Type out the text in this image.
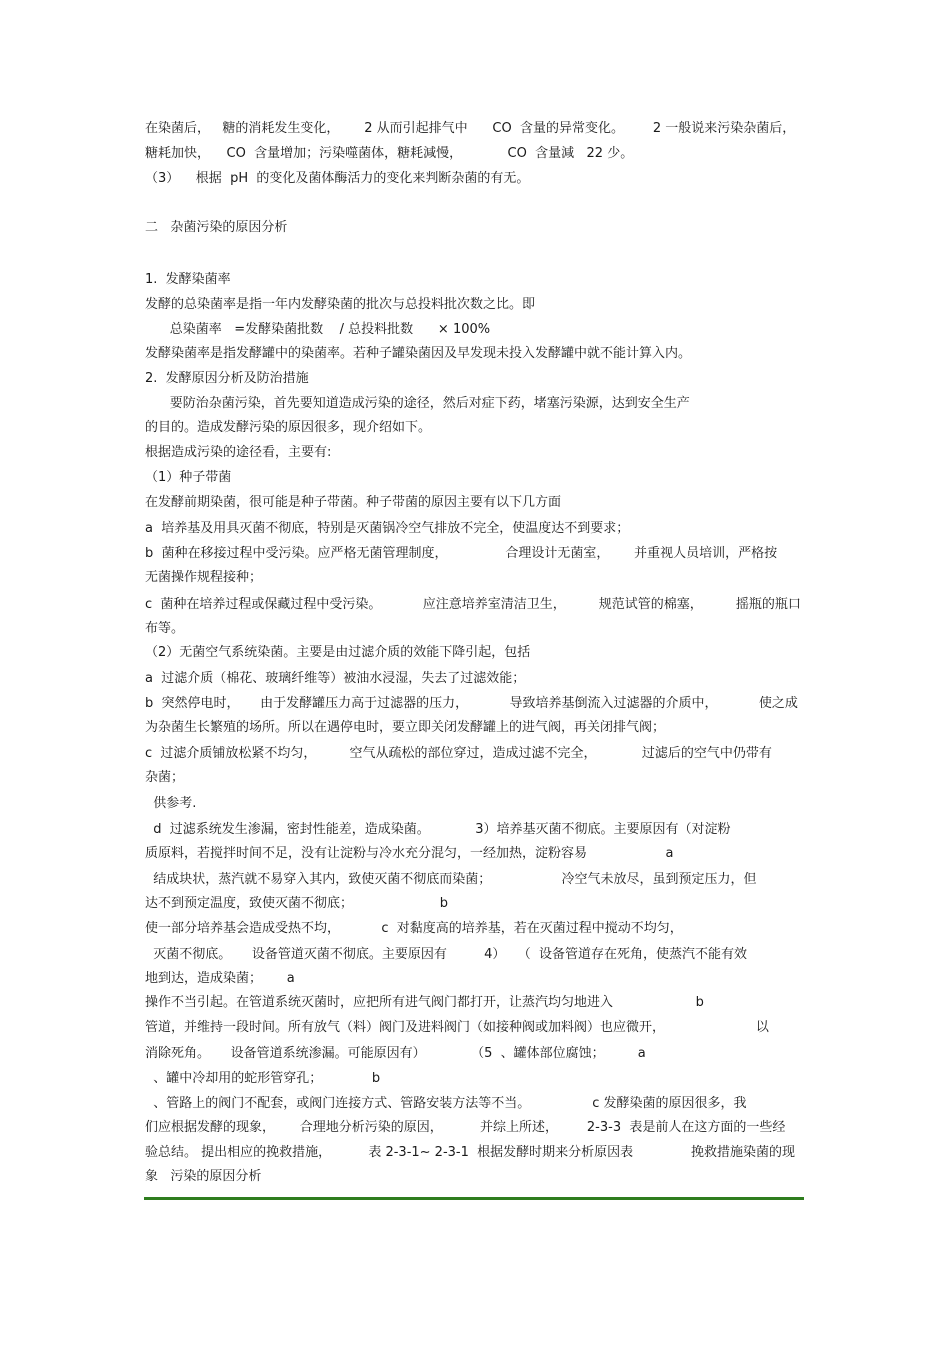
在染菌后，   糖的消耗发生变化，      2 从而引起排气中      CO  含量的异常变化。       2 一般说来污染杂菌后，
糖耗加快，    CO  含量增加；污染噬菌体，糖耗減慢，           CO  含量減   22 少。
（3）    根据  pH  的变化及菌体酶活力的变化来判断杂菌的有无。
二   杂菌污染的原因分析
1.  发酵染菌率
发酵的总染菌率是指一年内发酵染菌的批次与总投料批次数之比。即
总染菌率   =发酵染菌批数    / 总投料批数      × 100%
发酵染菌率是指发酵罐中的染菌率。若种子罐染菌因及早发现未投入发酵罐中就不能计算入内。
2.  发酵原因分析及防治措施
要防治杂菌污染，首先要知道造成污染的途径，然后对症下药，堵塞污染源，达到安全生产
的目的。造成发酵污染的原因很多，现介绍如下。
根据造成污染的途径看，主要有:
（1）种子带菌
在发酵前期染菌，很可能是种子带菌。种子带菌的原因主要有以下几方面
a  培养基及用具灭菌不彻底，特别是灭菌锅冷空气排放不完全，使温度达不到要求；
b  菌种在移接过程中受污染。应严格无菌管理制度，              合理设计无菌室，      并重视人员培训，严格按
无菌操作规程接种；
c  菌种在培养过程或保藏过程中受污染。          应注意培养室清洁卫生，        规范试管的棉塞，        摇瓶的瓶口
布等。
（2）无菌空气系统染菌。主要是由过滤介质的效能下降引起，包括
a  过滤介质（棉花、玻璃纤维等）被油水浸湿，失去了过滤效能；
b  突然停电时，     由于发酵罐压力高于过滤器的压力，          导致培养基倒流入过滤器的介质中，          使之成
为杂菌生长繁殖的场所。所以在遇停电时，要立即关闭发酵罐上的进气阀，再关闭排气阀；
c  过滤介质铺放松紧不均匀，        空气从疏松的部位穿过，造成过滤不完全，           过滤后的空气中仍带有
杂菌；
供参考.
d  过滤系统发生渗漏，密封性能差，造成染菌。           3）培养基灭菌不彻底。主要原因有（对淀粉
质原料，若搅拌时间不足，没有让淀粉与冷水充分混匀，一经加热，淀粉容易                   a
结成块状，蒸汽就不易穿入其内，致使灭菌不彻底而染菌；                 冷空气未放尽，虽到预定压力，但
达不到预定温度，致使灭菌不彻底；                     b
使一部分培养基会造成受热不均，          c  对黏度高的培养基，若在灭菌过程中搅动不均匀，
灭菌不彻底。     设备管道灭菌不彻底。主要原因有         4）   （  设备管道存在死角，使蒸汽不能有效
地到达，造成染菌；      a
操作不当引起。在管道系统灭菌时，应把所有进气阀门都打开，让蒸汽均匀地进入                    b
管道，并维持一段时间。所有放气（料）阀门及进料阀门（如接种阀或加料阀）也应微开，                      以
消除死角。     设备管道系统渗漏。可能原因有）           （5  、罐体部位腐蚀；        a
、罐中冷却用的蛇形管穿孔；            b
、管路上的阀门不配套，或阀门连接方式、管路安装方法等不当。               c 发酵染菌的原因很多，我
们应根据发酵的现象，      合理地分析污染的原因，         并综上所述，       2-3-3  表是前人在这方面的一些经
验总结。 提出相应的挽救措施，         表 2-3-1~ 2-3-1  根据发酵时期来分析原因表              挽救措施染菌的现
象   污染的原因分析
